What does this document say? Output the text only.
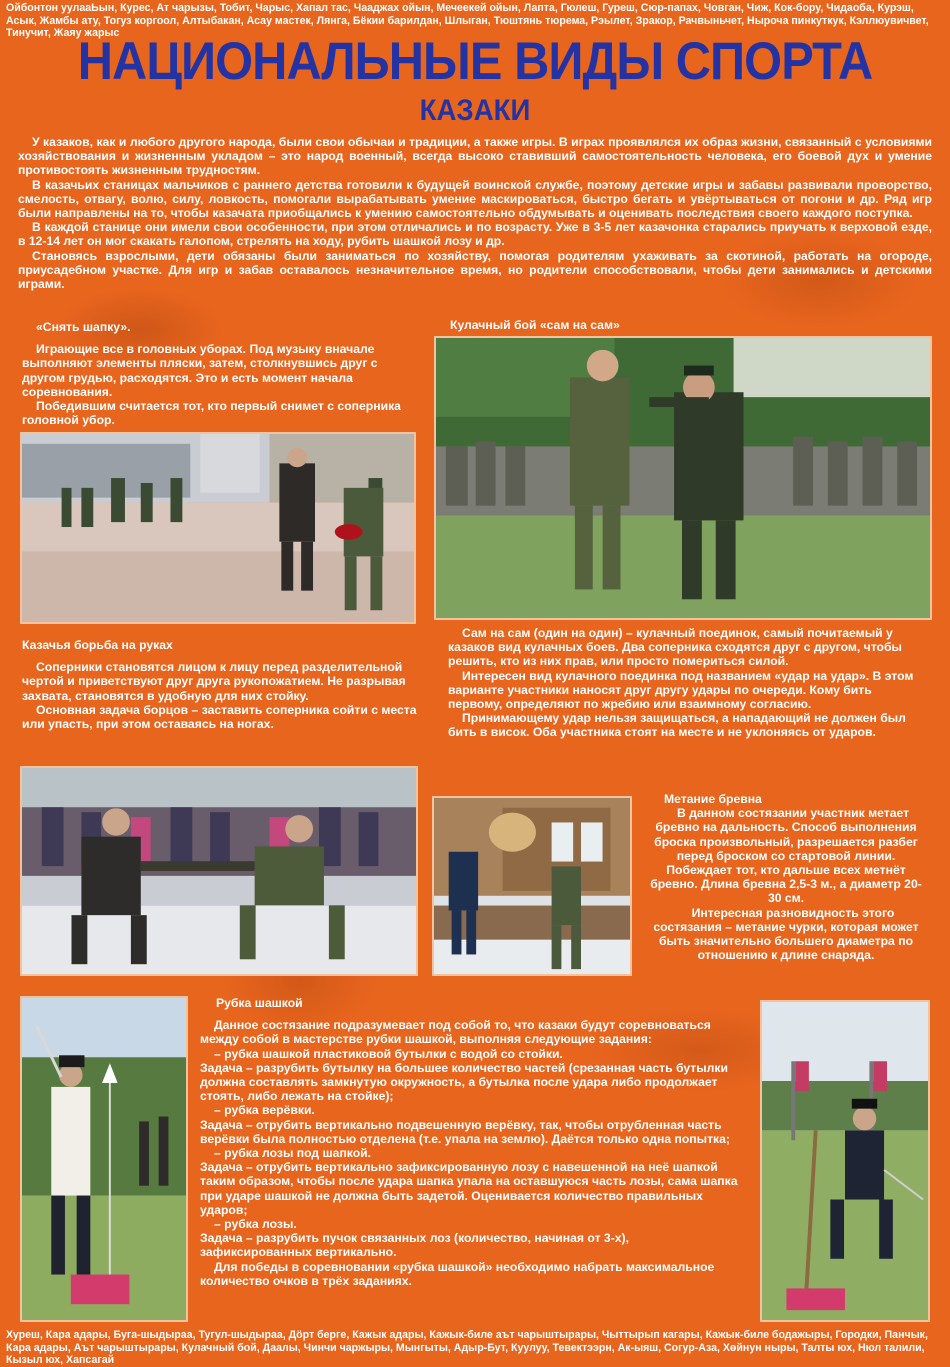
Ойбонтон уулааЬын, Курес, Ат чарызы, Тобит, Чарыс, Хапал тас, Чааджах ойын, Мечеекей ойын, Лапта, Гюлеш, Гуреш, Сюр-папах, Човган, Чиж, Кок-бору, Чидаоба, Курэш, Асык, Жамбы ату, Тогуз коргоол, Алтыбакан, Асау мастек, Лянга, Бёкии барилдан, Шлыган, Тюштянь тюрема, Рэылет, Зракор, Рачвыньчет, Нырочa пинкуткук, Кэллюувичвет, Тинучит, Жаяу жарыс
НАЦИОНАЛЬНЫЕ ВИДЫ СПОРТА
КАЗАКИ

У казаков, как и любого другого народа, были свои обычаи и традиции, а также игры. В играх проявлялся их образ жизни, связанный с условиями хозяйствования и жизненным укладом – это народ военный, всегда высоко ставивший самостоятельность человека, его боевой дух и умение противостоять жизненным трудностям.

В казачьих станицах мальчиков с раннего детства готовили к будущей воинской службе, поэтому детские игры и забавы развивали проворство, смелость, отвагу, волю, силу, ловкость, помогали вырабатывать умение маскироваться, быстро бегать и увёртываться от погони и др. Ряд игр были направлены на то, чтобы казачата приобщались к умению самостоятельно обдумывать и оценивать последствия своего каждого поступка.

В каждой станице они имели свои особенности, при этом отличались и по возрасту. Уже в 3-5 лет казачонка старались приучать к верховой езде, в 12-14 лет он мог скакать галопом, стрелять на ходу, рубить шашкой лозу и др.

Становясь взрослыми, дети обязаны были заниматься по хозяйству, помогая родителям ухаживать за скотиной, работать на огороде, приусадебном участке. Для игр и забав оставалось незначительное время, но родители способствовали, чтобы дети занимались и детскими играми.

«Снять шапку».

Играющие все в головных уборах. Под музыку вначале выполняют элементы пляски, затем, столкнувшись друг с другом грудью, расходятся. Это и есть момент начала соревнования.

Победившим считается тот, кто первый снимет с соперника головной убор.

Кулачный бой «сам на сам»

Сам на сам (один на один) – кулачный поединок, самый почитаемый у казаков вид кулачных боев. Два соперника сходятся друг с другом, чтобы решить, кто из них прав, или просто помериться силой.

Интересен вид кулачного поединка под названием «удар на удар». В этом варианте участники наносят друг другу удары по очереди. Кому бить первому, определяют по жребию или взаимному согласию.

Принимающему удар нельзя защищаться, а нападающий не должен был бить в висок. Оба участника стоят на месте и не уклоняясь от ударов.

Казачья борьба на руках

Соперники становятся лицом к лицу перед разделительной чертой и приветствуют друг друга рукопожатием. Не разрывая захвата, становятся в удобную для них стойку.

Основная задача борцов – заставить соперника сойти с места или упасть, при этом оставаясь на ногах.

Метание бревна

В данном состязании участник метает бревно на дальность. Способ выполнения броска произвольный, разрешается разбег перед броском со стартовой линии. Побеждает тот, кто дальше всех метнёт бревно. Длина бревна 2,5-3 м., а диаметр 20-30 см.

Интересная разновидность этого состязания – метание чурки, которая может быть значительно большего диаметра по отношению к длине снаряда.

Рубка шашкой

Данное состязание подразумевает под собой то, что казаки будут соревноваться между собой в мастерстве рубки шашкой, выполняя следующие задания:

– рубка шашкой пластиковой бутылки с водой со стойки.

Задача – разрубить бутылку на большее количество частей (срезанная часть бутылки должна составлять замкнутую окружность, а бутылка после удара либо продолжает стоять, либо лежать на стойке);

– рубка верёвки.

Задача – отрубить вертикально подвешенную верёвку, так, чтобы отрубленная часть верёвки была полностью отделена (т.е. упала на землю). Даётся только одна попытка;

– рубка лозы под шапкой.

Задача – отрубить вертикально зафиксированную лозу с навешенной на неё шапкой таким образом, чтобы после удара шапка упала на оставшуюся часть лозы, сама шапка при ударе шашкой не должна быть задетой. Оценивается количество правильных ударов;

– рубка лозы.

Задача – разрубить пучок связанных лоз (количество, начиная от 3-х), зафиксированных вертикально.

Для победы в соревновании «рубка шашкой» необходимо набрать максимальное количество очков в трёх заданиях.

Хуреш, Кара адары, Буга-шыдыраа, Тугул-шыдыраа, Дӧрт берге, Кажык адары, Кажык-биле аът чарыштырары, Чыттырып кагары, Кажык-биле бодажыры, Городки, Панчык, Кара адары, Аът чарыштырары, Кулачный бой, Даалы, Чинчи чаржыры, Мынгыты, Адыр-Бут, Куулуу, Тевектээрн, Ак-ыяш, Согур-Аза, Хөйнун ныры, Талты юх, Нюл талили, Кызыл юх, Хапсагай
